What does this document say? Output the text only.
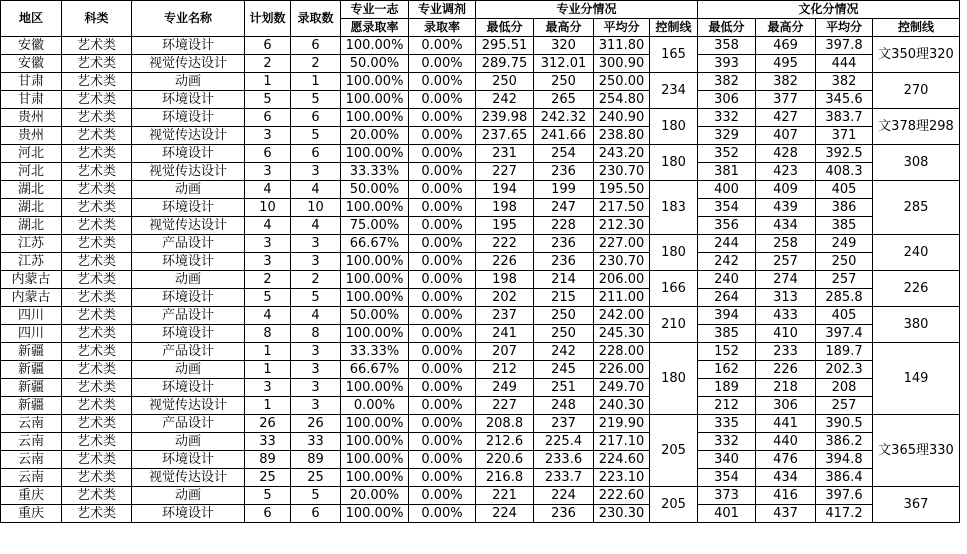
地区	科类	专业名称	计划数	录取数	专业一志	专业调剂	专业分情况				文化分情况			
					愿录取率	录取率	最低分	最高分	平均分	控制线	最低分	最高分	平均分	控制线
安徽	艺术类	环境设计	6	6	100.00%	0.00%	295.51	320	311.80	165	358	469	397.8	文350理320
安徽	艺术类	视觉传达设计	2	2	50.00%	0.00%	289.75	312.01	300.90		393	495	444	
甘肃	艺术类	动画	1	1	100.00%	0.00%	250	250	250.00	234	382	382	382	270
甘肃	艺术类	环境设计	5	5	100.00%	0.00%	242	265	254.80		306	377	345.6	
贵州	艺术类	环境设计	6	6	100.00%	0.00%	239.98	242.32	240.90	180	332	427	383.7	文378理298
贵州	艺术类	视觉传达设计	3	5	20.00%	0.00%	237.65	241.66	238.80		329	407	371	
河北	艺术类	环境设计	6	6	100.00%	0.00%	231	254	243.20	180	352	428	392.5	308
河北	艺术类	视觉传达设计	3	3	33.33%	0.00%	227	236	230.70		381	423	408.3	
湖北	艺术类	动画	4	4	50.00%	0.00%	194	199	195.50	183	400	409	405	285
湖北	艺术类	环境设计	10	10	100.00%	0.00%	198	247	217.50		354	439	386	
湖北	艺术类	视觉传达设计	4	4	75.00%	0.00%	195	228	212.30		356	434	385	
江苏	艺术类	产品设计	3	3	66.67%	0.00%	222	236	227.00	180	244	258	249	240
江苏	艺术类	环境设计	3	3	100.00%	0.00%	226	236	230.70		242	257	250	
内蒙古	艺术类	动画	2	2	100.00%	0.00%	198	214	206.00	166	240	274	257	226
内蒙古	艺术类	环境设计	5	5	100.00%	0.00%	202	215	211.00		264	313	285.8	
四川	艺术类	产品设计	4	4	50.00%	0.00%	237	250	242.00	210	394	433	405	380
四川	艺术类	环境设计	8	8	100.00%	0.00%	241	250	245.30		385	410	397.4	
新疆	艺术类	产品设计	1	3	33.33%	0.00%	207	242	228.00	180	152	233	189.7	149
新疆	艺术类	动画	1	3	66.67%	0.00%	212	245	226.00		162	226	202.3	
新疆	艺术类	环境设计	3	3	100.00%	0.00%	249	251	249.70		189	218	208	
新疆	艺术类	视觉传达设计	1	3	0.00%	0.00%	227	248	240.30		212	306	257	
云南	艺术类	产品设计	26	26	100.00%	0.00%	208.8	237	219.90	205	335	441	390.5	文365理330
云南	艺术类	动画	33	33	100.00%	0.00%	212.6	225.4	217.10		332	440	386.2	
云南	艺术类	环境设计	89	89	100.00%	0.00%	220.6	233.6	224.60		340	476	394.8	
云南	艺术类	视觉传达设计	25	25	100.00%	0.00%	216.8	233.7	223.10		354	434	386.4	
重庆	艺术类	动画	5	5	20.00%	0.00%	221	224	222.60	205	373	416	397.6	367
重庆	艺术类	环境设计	6	6	100.00%	0.00%	224	236	230.30		401	437	417.2	
